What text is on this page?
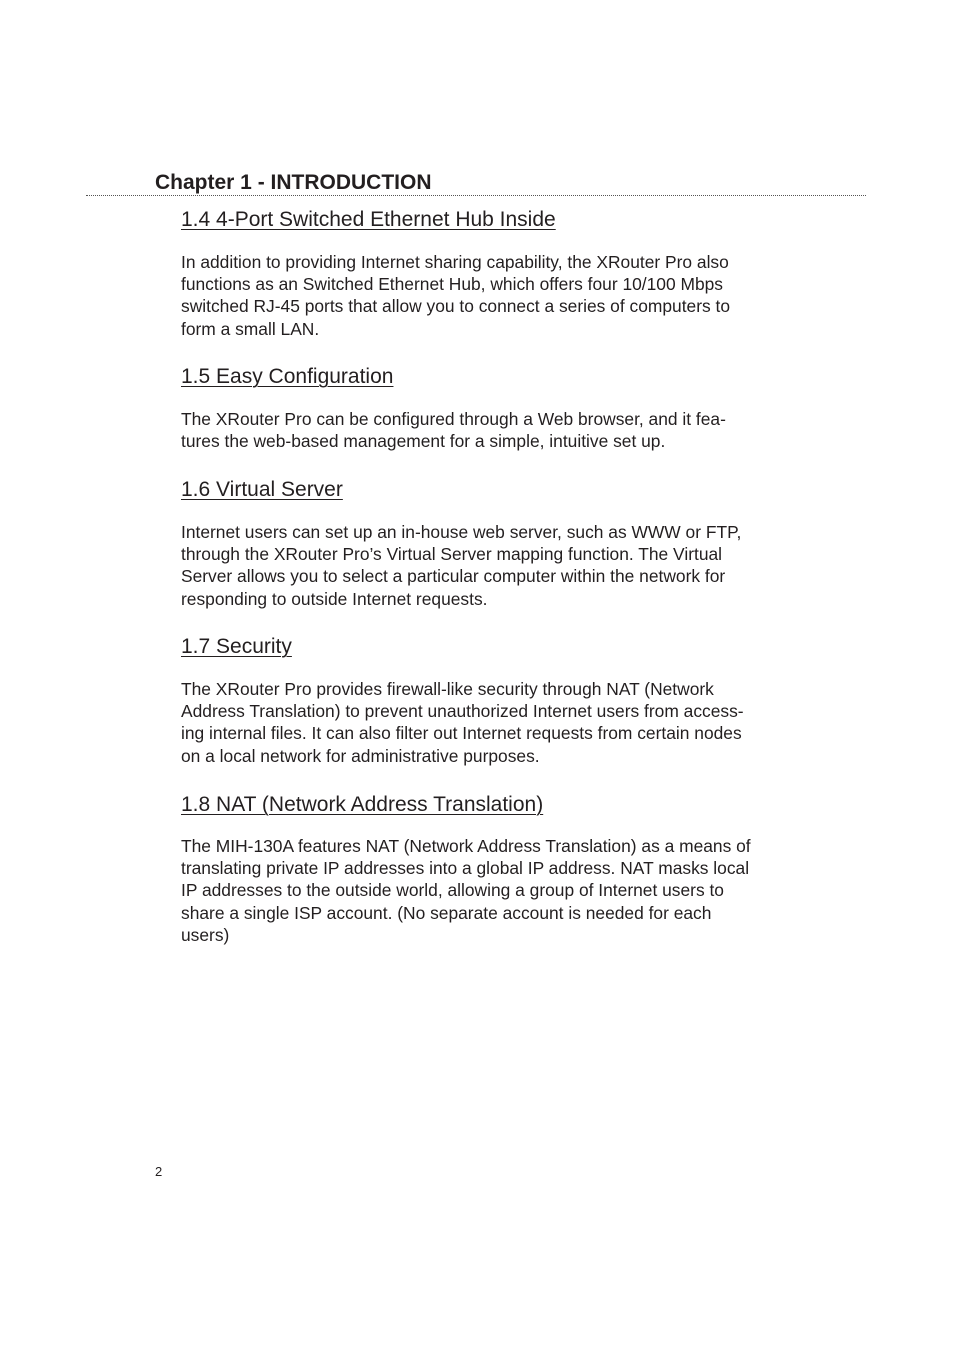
Chapter 1 - INTRODUCTION
1.4 4-Port Switched Ethernet Hub Inside

In addition to providing Internet sharing capability, the XRouter Pro also
functions as an Switched Ethernet Hub, which offers four 10/100 Mbps
switched RJ-45 ports that allow you to connect a series of computers to
form a small LAN.

1.5 Easy Configuration

The XRouter Pro can be configured through a Web browser, and it fea-
tures the web-based management for a simple, intuitive set up.

1.6 Virtual Server

Internet users can set up an in-house web server, such as WWW or FTP,
through the XRouter Pro’s Virtual Server mapping function. The Virtual
Server allows you to select a particular computer within the network for
responding to outside Internet requests.

1.7 Security

The XRouter Pro provides firewall-like security through NAT (Network
Address Translation) to prevent unauthorized Internet users from access-
ing internal files. It can also filter out Internet requests from certain nodes
on a local network for administrative purposes.

1.8 NAT (Network Address Translation)

The MIH-130A features NAT (Network Address Translation) as a means of
translating private IP addresses into a global IP address. NAT masks local
IP addresses to the outside world, allowing a group of Internet users to
share a single ISP account. (No separate account is needed for each
users)

2
